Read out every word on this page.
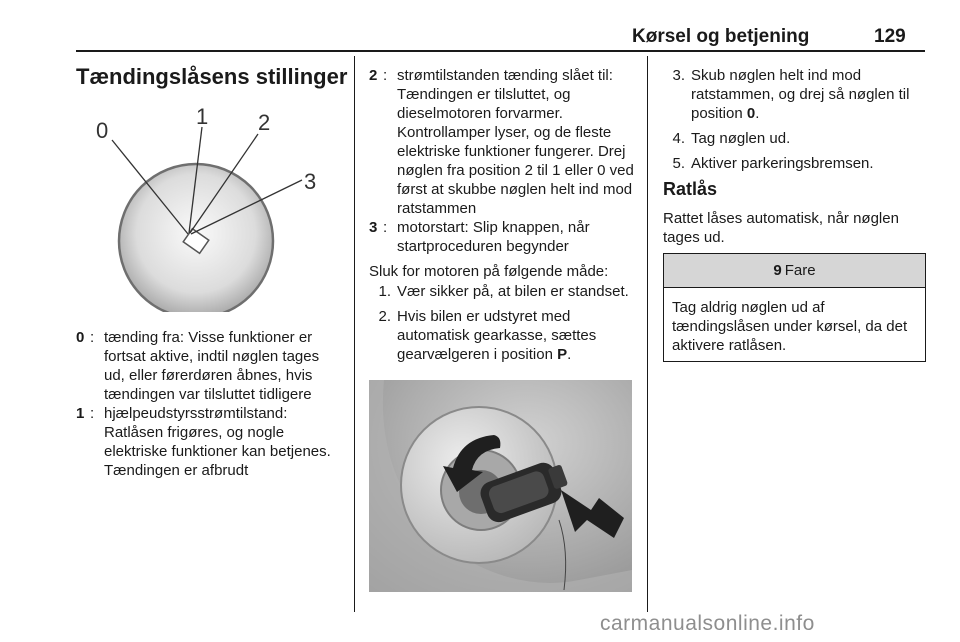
Kørsel og betjening	129
Tændingslåsens stillinger
0
1 2
3
0 : tænding fra: Visse funktioner er fortsat aktive, indtil nøglen tages ud, eller førerdøren åbnes, hvis tændingen var tilsluttet tidligere
1 : hjælpeudstyrsstrømtilstand: Ratlåsen frigøres, og nogle elektriske funktioner kan betjenes. Tændingen er afbrudt
2 : strømtilstanden tænding slået til: Tændingen er tilsluttet, og dieselmotoren forvarmer. Kontrollamper lyser, og de fleste elektriske funktioner fungerer. Drej nøglen fra position 2 til 1 eller 0 ved først at skubbe nøglen helt ind mod ratstammen
3 : motorstart: Slip knappen, når startproceduren begynder
Sluk for motoren på følgende måde:
1. Vær sikker på, at bilen er standset.
2. Hvis bilen er udstyret med automatisk gearkasse, sættes gearvælgeren i position P.
3. Skub nøglen helt ind mod ratstammen, og drej så nøglen til position 0.
4. Tag nøglen ud.
5. Aktiver parkeringsbremsen.
Ratlås
Rattet låses automatisk, når nøglen tages ud.
9 Fare
Tag aldrig nøglen ud af tændingslåsen under kørsel, da det aktivere ratlåsen.
carmanualsonline.info
